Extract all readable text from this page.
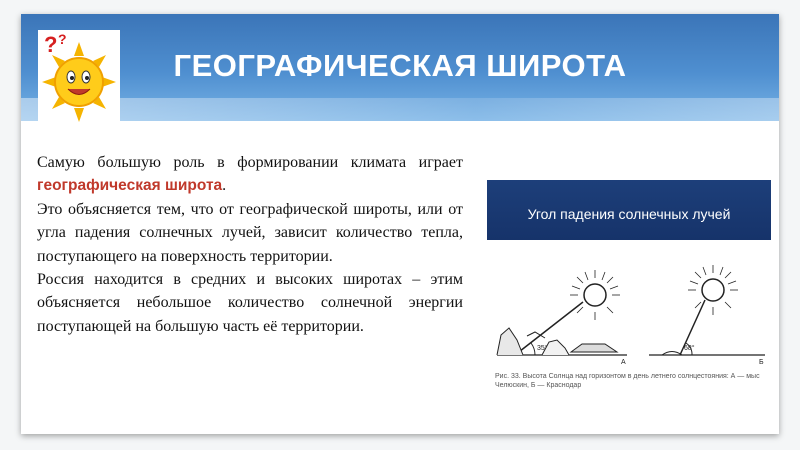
? ?
ГЕОГРАФИЧЕСКАЯ ШИРОТА

Самую большую роль в формировании климата играет географическая широта.

Это объясняется тем, что от географической широты, или от угла падения солнечных лучей, зависит количество тепла, поступающего на поверхность территории.

Россия находится в средних и высоких широтах – этим объясняется небольшое количество солнечной энергии поступающей на большую часть её территории.

Угол падения солнечных лучей
35°
А
68°
Б
Рис. 33. Высота Солнца над горизонтом в день летнего солнцестояния: А — мыс Челюскин, Б — Краснодар
